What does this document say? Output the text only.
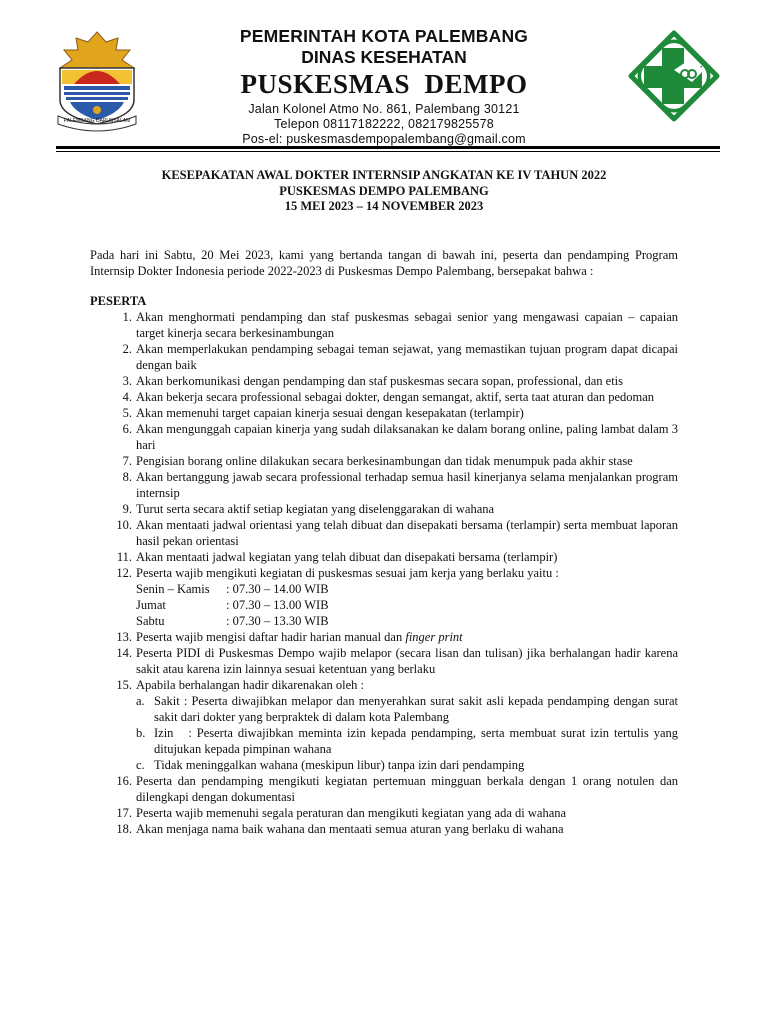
PALEMBANG DARUSSALAM
PEMERINTAH KOTA PALEMBANG
DINAS KESEHATAN
PUSKESMAS  DEMPO
Jalan Kolonel Atmo No. 861, Palembang 30121
Telepon 08117182222, 082179825578
Pos-el: puskesmasdempopalembang@gmail.com
KESEPAKATAN AWAL DOKTER INTERNSIP ANGKATAN KE IV TAHUN 2022
PUSKESMAS DEMPO PALEMBANG
15 MEI 2023 – 14 NOVEMBER 2023

Pada hari ini Sabtu, 20 Mei 2023, kami yang bertanda tangan di bawah ini, peserta dan pendamping Program Internsip Dokter Indonesia periode 2022-2023 di Puskesmas Dempo Palembang, bersepakat bahwa :

PESERTA
1. Akan menghormati pendamping dan staf puskesmas sebagai senior yang mengawasi capaian – capaian target kinerja secara berkesinambungan
2. Akan memperlakukan pendamping sebagai teman sejawat, yang memastikan tujuan program dapat dicapai dengan baik
3. Akan berkomunikasi dengan pendamping dan staf puskesmas secara sopan, professional, dan etis
4. Akan bekerja secara professional sebagai dokter, dengan semangat, aktif, serta taat aturan dan pedoman
5. Akan memenuhi target capaian kinerja sesuai dengan kesepakatan (terlampir)
6. Akan mengunggah capaian kinerja yang sudah dilaksanakan ke dalam borang online, paling lambat dalam 3 hari
7. Pengisian borang online dilakukan secara berkesinambungan dan tidak menumpuk pada akhir stase
8. Akan bertanggung jawab secara professional terhadap semua hasil kinerjanya selama menjalankan program internsip
9. Turut serta secara aktif setiap kegiatan yang diselenggarakan di wahana
10. Akan mentaati jadwal orientasi yang telah dibuat dan disepakati bersama (terlampir) serta membuat laporan hasil pekan orientasi
11. Akan mentaati jadwal kegiatan yang telah dibuat dan disepakati bersama (terlampir)
12. Peserta wajib mengikuti kegiatan di puskesmas sesuai jam kerja yang berlaku yaitu :
Senin – Kamis	: 07.30 – 14.00 WIB
Jumat	: 07.30 – 13.00 WIB
Sabtu	: 07.30 – 13.30 WIB
13. Peserta wajib mengisi daftar hadir harian manual dan finger print
14. Peserta PIDI di Puskesmas Dempo wajib melapor (secara lisan dan tulisan) jika berhalangan hadir karena sakit atau karena izin lainnya sesuai ketentuan yang berlaku
15. Apabila berhalangan hadir dikarenakan oleh :
a. Sakit : Peserta diwajibkan melapor dan menyerahkan surat sakit asli kepada pendamping dengan surat sakit dari dokter yang berpraktek di dalam kota Palembang
b. Izin   : Peserta diwajibkan meminta izin kepada pendamping, serta membuat surat izin tertulis yang ditujukan kepada pimpinan wahana
c. Tidak meninggalkan wahana (meskipun libur) tanpa izin dari pendamping
16. Peserta dan pendamping mengikuti kegiatan pertemuan mingguan berkala dengan 1 orang notulen dan dilengkapi dengan dokumentasi
17. Peserta wajib memenuhi segala peraturan dan mengikuti kegiatan yang ada di wahana
18. Akan menjaga nama baik wahana dan mentaati semua aturan yang berlaku di wahana
